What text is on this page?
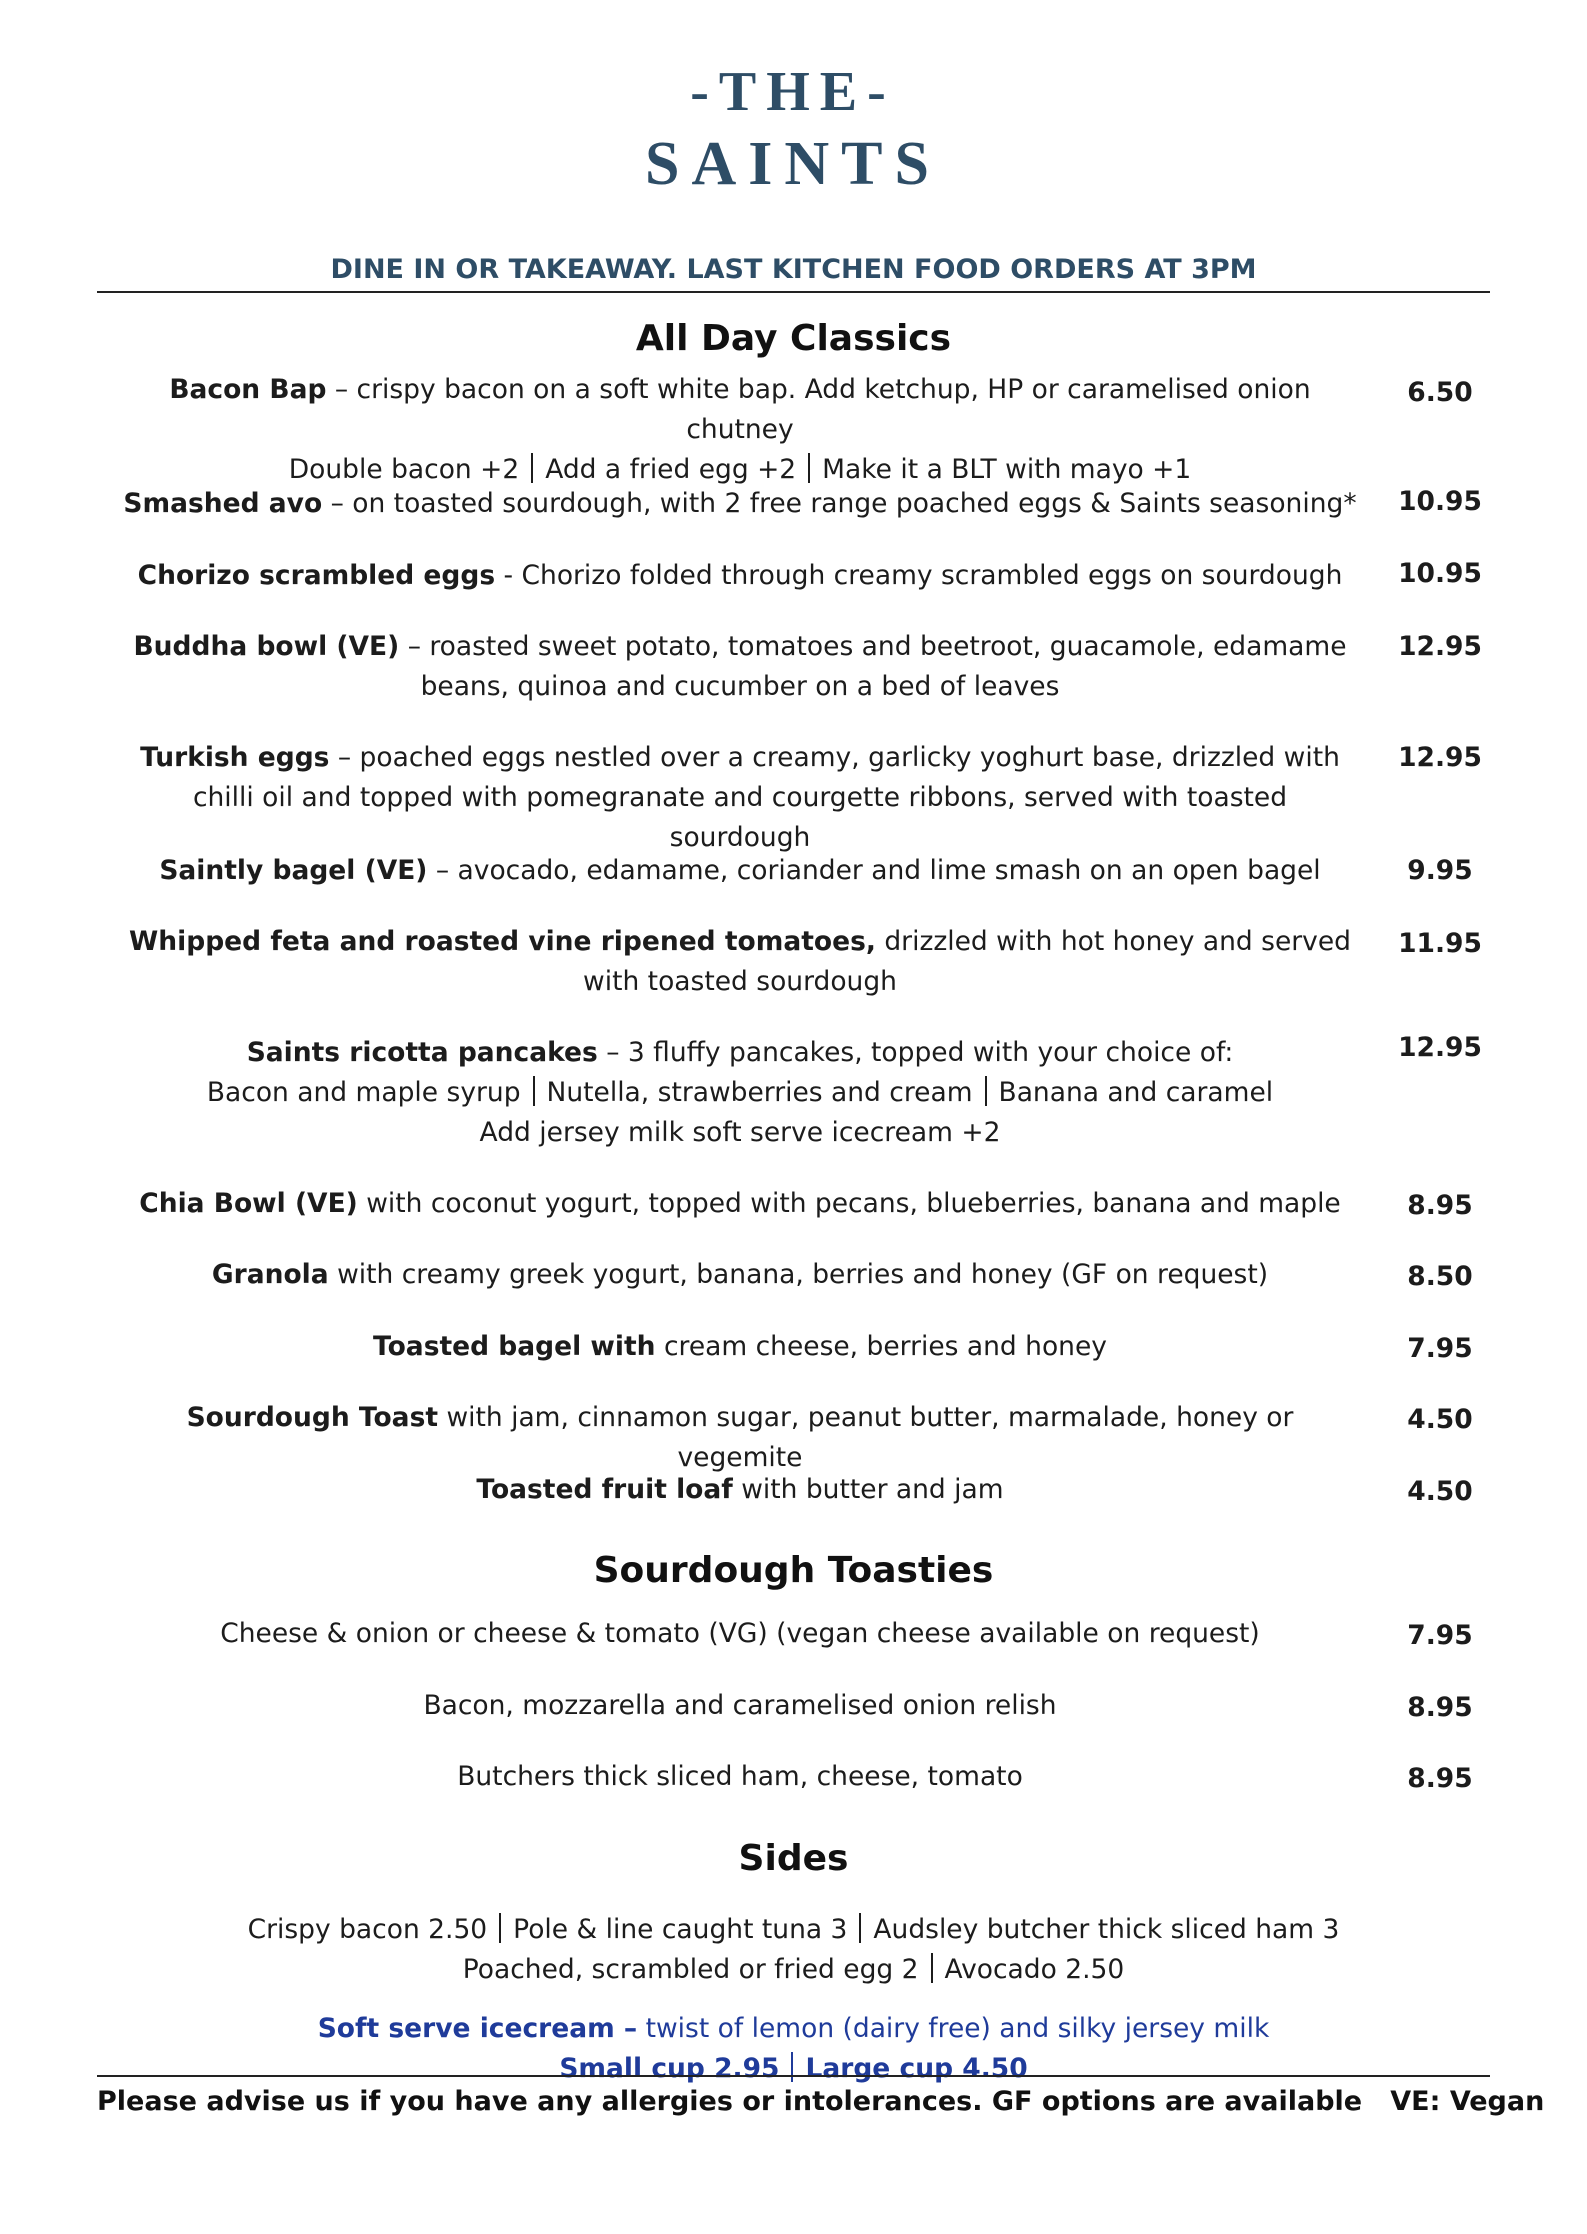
-THE-
SAINTS
DINE IN OR TAKEAWAY. LAST KITCHEN FOOD ORDERS AT 3PM
All Day Classics
Bacon Bap – crispy bacon on a soft white bap. Add ketchup, HP or caramelised onion chutney
Double bacon +2 Add a fried egg +2 Make it a BLT with mayo +1
6.50
Smashed avo – on toasted sourdough, with 2 free range poached eggs & Saints seasoning*	10.95
Chorizo scrambled eggs - Chorizo folded through creamy scrambled eggs on sourdough	10.95
Buddha bowl (VE) – roasted sweet potato, tomatoes and beetroot, guacamole, edamame
beans, quinoa and cucumber on a bed of leaves
12.95
Turkish eggs – poached eggs nestled over a creamy, garlicky yoghurt base, drizzled with
chilli oil and topped with pomegranate and courgette ribbons, served with toasted sourdough
12.95
Saintly bagel (VE) – avocado, edamame, coriander and lime smash on an open bagel	9.95
Whipped feta and roasted vine ripened tomatoes, drizzled with hot honey and served
with toasted sourdough
11.95
Saints ricotta pancakes – 3 fluffy pancakes, topped with your choice of:
Bacon and maple syrup Nutella, strawberries and cream Banana and caramel
Add jersey milk soft serve icecream +2
12.95
Chia Bowl (VE) with coconut yogurt, topped with pecans, blueberries, banana and maple	8.95
Granola with creamy greek yogurt, banana, berries and honey (GF on request)	8.50
Toasted bagel with cream cheese, berries and honey	7.95
Sourdough Toast with jam, cinnamon sugar, peanut butter, marmalade, honey or vegemite
4.50
Toasted fruit loaf with butter and jam	4.50
Sourdough Toasties
Cheese & onion or cheese & tomato (VG) (vegan cheese available on request)	7.95
Bacon, mozzarella and caramelised onion relish	8.95
Butchers thick sliced ham, cheese, tomato	8.95
Sides
Crispy bacon 2.50 Pole & line caught tuna 3 Audsley butcher thick sliced ham 3
Poached, scrambled or fried egg 2 Avocado 2.50
Soft serve icecream – twist of lemon (dairy free) and silky jersey milk
Small cup 2.95 Large cup 4.50
Please advise us if you have any allergies or intolerances. GF options are available   VE: Vegan
